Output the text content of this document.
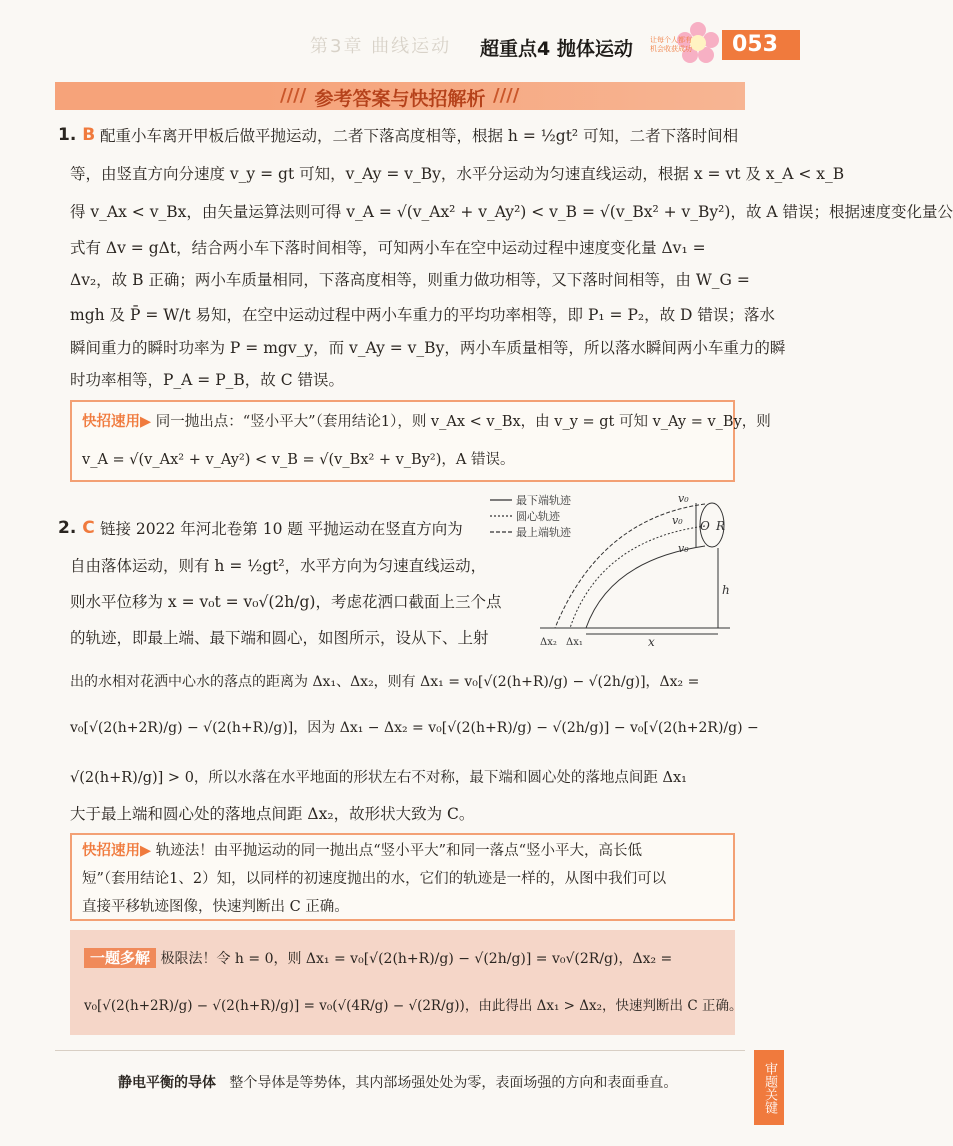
第3章 曲线运动 超重点4 抛体运动	053
让每个人都有
机会收获成功
//// 参考答案与快招解析 ////
1. B 配重小车离开甲板后做平抛运动，二者下落高度相等，根据 h = ½gt² 可知，二者下落时间相
等，由竖直方向分速度 v_y = gt 可知，v_Ay = v_By，水平分运动为匀速直线运动，根据 x = vt 及 x_A < x_B
得 v_Ax < v_Bx，由矢量运算法则可得 v_A = √(v_Ax² + v_Ay²) < v_B = √(v_Bx² + v_By²)，故 A 错误；根据速度变化量公
式有 Δv = gΔt，结合两小车下落时间相等，可知两小车在空中运动过程中速度变化量 Δv₁ =
Δv₂，故 B 正确；两小车质量相同，下落高度相等，则重力做功相等，又下落时间相等，由 W_G =
mgh 及 P̄ = W/t 易知，在空中运动过程中两小车重力的平均功率相等，即 P₁ = P₂，故 D 错误；落水
瞬间重力的瞬时功率为 P = mgv_y，而 v_Ay = v_By，两小车质量相等，所以落水瞬间两小车重力的瞬
时功率相等，P_A = P_B，故 C 错误。
快招速用▶ 同一抛出点：“竖小平大”（套用结论1），则 v_Ax < v_Bx，由 v_y = gt 可知 v_Ay = v_By，则
v_A = √(v_Ax² + v_Ay²) < v_B = √(v_Bx² + v_By²)，A 错误。
2. C 链接 2022 年河北卷第 10 题 平抛运动在竖直方向为
自由落体运动，则有 h = ½gt²，水平方向为匀速直线运动，
则水平位移为 x = v₀t = v₀√(2h/g)，考虑花洒口截面上三个点
的轨迹，即最上端、最下端和圆心，如图所示，设从下、上射
出的水相对花洒中心水的落点的距离为 Δx₁、Δx₂，则有 Δx₁ = v₀[√(2(h+R)/g) − √(2h/g)]，Δx₂ =
v₀[√(2(h+2R)/g) − √(2(h+R)/g)]，因为 Δx₁ − Δx₂ = v₀[√(2(h+R)/g) − √(2h/g)] − v₀[√(2(h+2R)/g) −
√(2(h+R)/g)] > 0，所以水落在水平地面的形状左右不对称，最下端和圆心处的落地点间距 Δx₁
大于最上端和圆心处的落地点间距 Δx₂，故形状大致为 C。
最下端轨迹
圆心轨迹
最上端轨迹	O R
v₀
v₀
v₀
h
x
Δx₂ Δx₁
快招速用▶ 轨迹法！由平抛运动的同一抛出点“竖小平大”和同一落点“竖小平大，高长低
短”（套用结论1、2）知，以同样的初速度抛出的水，它们的轨迹是一样的，从图中我们可以
直接平移轨迹图像，快速判断出 C 正确。
一题多解 极限法！令 h = 0，则 Δx₁ = v₀[√(2(h+R)/g) − √(2h/g)] = v₀√(2R/g)，Δx₂ =
v₀[√(2(h+2R)/g) − √(2(h+R)/g)] = v₀(√(4R/g) − √(2R/g))，由此得出 Δx₁ > Δx₂，快速判断出 C 正确。
静电平衡的导体 整个导体是等势体，其内部场强处处为零，表面场强的方向和表面垂直。	审题关键
